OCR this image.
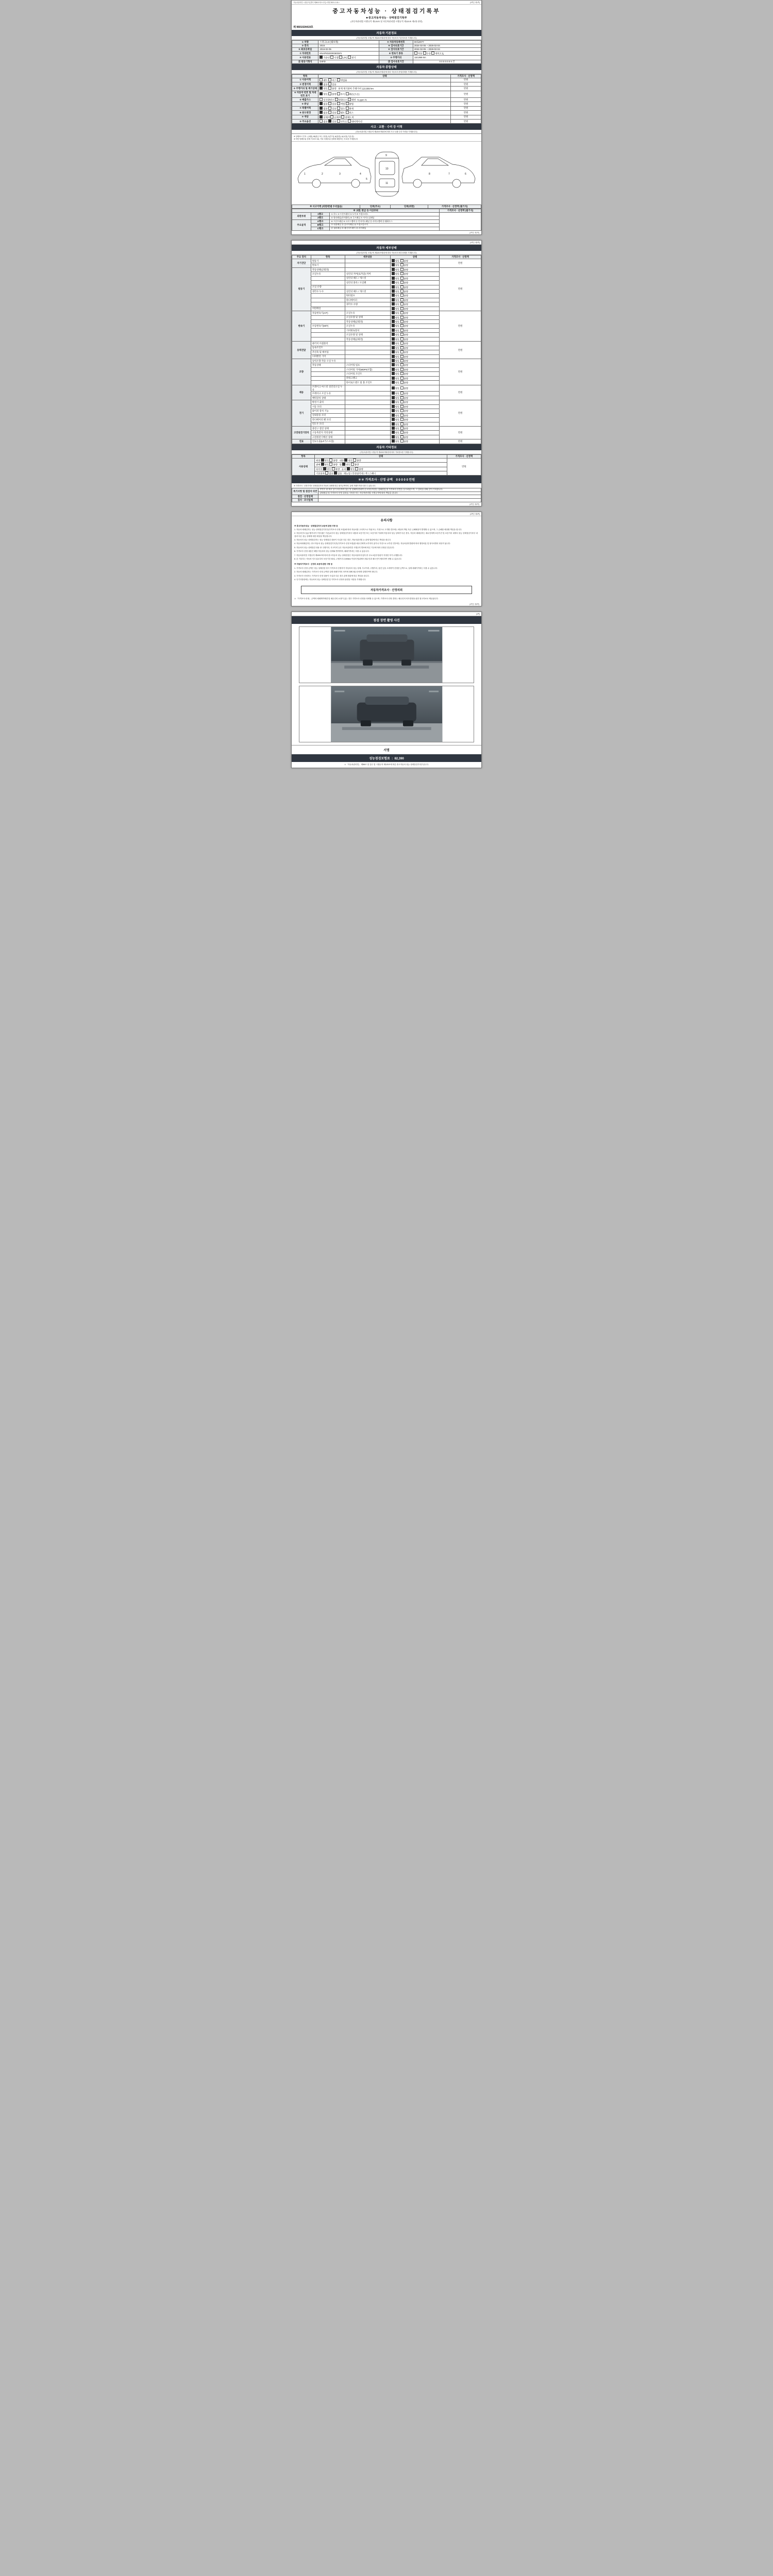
자동차관리법 시행규칙 [별지 제28호의3 서식] <개정 2021.1.15.>	(3쪽중 제1쪽)
중고자동차성능 · 상태점검기록부
■ 중고자동차성능 · 상태점검기록부
(자동차관리법 시행규칙 제120조 및 자동차관리법 시행규칙 제120조 제1항 관련)
제 9601024419호
자동차 기본정보
(자동차관리법 시행규칙 제120조제1항에 따라 자동차의 기본정보를 기재합니다)
① 차명	스파크1.0 (쉐보레)	② 자동차등록번호	00로0077
③ 연식	2016	④ 검사유효기간	2024-02-05 ~ 2026-02-04
⑤ 최초등록일	2016-02-05	⑥ 검사유효기간	2024-02-05 ~ 2026-02-04
⑦ 차대번호	KNAPK5SG9G6034/1	⑧ 변속기 종류	자동 수동 세미오토
⑨ 사용연료	가솔린 디젤 LPG 전기	⑩ 주행거리	110,899 km
⑪ 원동기형식	D4FD	⑬ 검사유효기간	0 0 0 0 0 0 0 건
자동차 종합상태
(자동차관리법 시행규칙 제120조제1항에 따라 자동차의 종합상태를 기재합니다)
항목	상태	가격조사 · 산정액
① 사용이력	렌트 리스 영업용	만원
② 변경이력	없음 있음	만원
③ 주행거리 및 계기상태	양호 불량 현재 계기판의 주행거리 110,899 km	만원
④ 자동차 번호 및 차대번호 표기	양호 불량 부식 훼손(오손)	만원
⑤ 배출가스	일산화탄소 탄화수소 매연 % ppm %	만원
⑥ 튜닝	없음 있음 적법 불법	만원
⑦ 특별이력	없음 있음 침수 화재	만원
⑧ 용도변경	없음 있음 렌트 리스	만원
⑨ 색상	무채색 유채색 전체도색	만원
⑩ 주요옵션	없음 있음 선루프 내비게이션	만원
사고 · 교환 · 수리 등 이력
(자동차관리법 시행규칙 제120조제1항에 따라 사고·교환·수리 이력을 기재합니다)
※ 상태표시 부호 : (교환), W(판금 또는 용접), C(부식), A(흠집), U(요철), T(손상)
※ 하단 당해부위 상태 기호표시와, 기타 차체부위 상태에 해당하는 부호를 기재합니다
1	2	3	4
5
10
11
9
6
7
8
※ 사고이력 (외판/판넬 수리없음)	단위(주요)	단위(외판)	가격조사 · 산정액 (필기식)
※ 교환, 판금 등 이상부위			가격조사 · 산정액 (필기식)
외판부위	1랭크	① 후드 ② 프론트휀더 ③ 도어 ④ 트렁크리드	
	2랭크	⑤ 쿼터패널(리어휀더) ⑥ 루프패널 ⑦ 사이드실패널	
주요골격	A랭크	⑧ 프론트패널 ⑨ 크로스멤버 ⑪ 인사이드패널 ⑫ 사이드멤버 ⑬ 휠하우스	
	B랭크	⑭ 대쉬패널 ⑮ 플로어패널 ⑯ 트렁크플로어	
	C랭크	⑰ 필러패널 ⑱ 패키지트레이 ⑲ 리어패널	
(3쪽중 제1쪽)

(3쪽중 제2쪽)
자동차 세부상태
(자동차관리법 시행규칙 제120조제1항에 따라 자동차의 세부상태를 기재합니다)
주요 장치	항목	세부내용	상태	가격조사 · 산정액
자기진단	원동기		양호 불량	만원
	변속기		양호 불량	
원동기	작동상태(공회전)		양호 불량	만원
	오일누유	실린더 커버(로카암) 커버	양호 불량	
		실린더 헤드 / 개스킷	양호 불량	
		실린더 블록 / 오일팬	양호 불량	
	오일 유량		양호 불량	
	냉각수 누수	실린더 헤드 / 개스킷	양호 불량	
		워터펌프	양호 불량	
		라디에이터	양호 불량	
		냉각수 수량	양호 불량	
	커먼레일		양호 불량	
변속기	자동변속기(A/T)	오일누유	양호 불량	만원
		오일유량 및 상태	양호 불량	
		작동상태(공회전)	양호 불량	
	수동변속기(M/T)	오일누유	양호 불량	
		기어변속장치	양호 불량	
		오일유량 및 상태	양호 불량	
		작동상태(공회전)	양호 불량	
동력전달	클러치 어셈블리		양호 불량	만원
	등속조인트		양호 불량	
	추진축 및 베어링		양호 불량	
	디퍼렌셜 기어		양호 불량	
조향	동력조향 작동 오일 누유		양호 불량	만원
	작동상태	스티어링 펌프	양호 불량	
		스티어링 기어(MDPS포함)	양호 불량	
		스티어링 조인트	양호 불량	
		파워크랭크	양호 불량	
		타이로드엔드 및 볼 조인트	양호 불량	
제동	브레이크 마스터 실린더오일 누유		양호 불량	만원
	브레이크 오일 누유		양호 불량	
	배력장치 상태		양호 불량	
전기	발전기 출력		양호 불량	만원
	시동 모터		양호 불량	
	와이퍼 장치 기능		양호 불량	
	실내송풍 모터		양호 불량	
	라디에이터 팬 모터		양호 불량	
	윈도우 모터		양호 불량	
고전원전기장치	충전구 절연 상태		양호 불량	만원
	구동축전지 격리상태		양호 불량	
	고전원전기배선 상태		양호 불량	
연료	연료누출(LP가스포함)		양호 불량	만원
자동차 기타정보
(자동차관리법 시행규칙 제120조제1항에 따라 기타정보를 기재합니다)
항목	상태	가격조사 · 산정액
사용상태	외장 양호 불량 내장 양호 불량	만원
	광택 양호 불량 휠 양호 불량	
	타이어 양호 불량 유리 양호 불량	
	기본품목 없음 있음 매뉴얼 / 안전삼각대 / 잭 / 스패너	
＊＊ 가격조사 · 산정 금액 0 0 0 0 0 만원
※ 가격조사 · 산정가격은 상태점검자의 자동차 상태에 따른 평가금액이며, 실제 거래가격과 다를 수 있습니다.
특기사항 및 점검자 의견	본인은 위 제시 상기 자동차의 성능 및 상태에 관하여 중고자동차성능·상태점검 및 가격조사·산정을 실시하였으며, 그 결과를 위와 같이 기록합니다.
	상태점검 및 가격조사·산정 결과를 기록한 자는 자동차관리법 시행규칙에 따라 책임을 집니다.
점검 · 산정업체	
검사 · 조사업체	
(3쪽중 제2쪽)

(3쪽중 제3쪽)
유의사항

※ 중고자동차성능 · 상태점검자의 보증에 관한 사항 등

1. 자동차 매매업자는 성능·상태점검기록부(가격조사·산정 포함)에 따라 자동차를 고의적으로 허위 또는 거짓으로 고지할 경우에는 배상의 책임 혹은 손해배상이 발생할 수 있으며, 그 손해를 배상할 책임을 집니다.

2. 자동차인도일(주행거리가 가장 짧은 기준)로부터 성능·상태점검기록부 내용과 보증기간 또는 보증거리 이내에 자동차의 성능·상태가 다른 경우, 자동차 매매업자는 매수인에게 보증기간 및 보증거리 내에서 성능·상태점검기록부 내용과 다른 성능·상태에 대한 배상을 책임집니다.

3. 자동차의 성능·상태점검자는 성능·상태점검 내용이 사실과 다른 경우, 자동차관리법 등 관계 법령에 따른 책임을 집니다.

4. 자동차매매업자는 중고자동차 성능·상태점검기록부(가격조사·산정 포함)를 매수인에게 교부하지 않거나 거짓으로 교부한 경우에는 자동차관리법령에 따라 행정처분 및 형사처벌의 대상이 됩니다.

5. 자동차의 성능·상태점검 내용 중 주행거리, 사고이력 등은 자동차관리법 시행규칙 별표에 따른 기준에 따라 산정된 것입니다.

6. 가격조사·산정 내용은 해당 자동차의 성능·상태와 별개이며, 매매가격과는 다를 수 있습니다.

7. 자동차관리법 시행규칙 제120조에 따라 중고자동차 성능·상태점검은 자동차관리사업자 중 국토교통부장관이 지정한 자가 수행합니다.

8. 본 기록부는 자동차 인도일로부터 보증기간 30일, 주행거리 2,000km 이상의 범위에서 매수인과 매도인이 협의하여 정할 수 있습니다.

※ 자동차가격조사 · 산정의 보증에 관한 사항 등

1. 가격조사·산정 금액은 성능·상태점검 당시 가격조사·산정자가 자동차의 성능·상태, 사고이력, 주행거리, 옵션 등을 고려하여 산정한 금액으로, 실제 매매가격과는 다를 수 있습니다.

2. 자동차 매매업자는 가격조사·산정 금액과 실제 매매가격의 차이에 대해 매수인에게 설명하여야 합니다.

3. 가격조사·산정자는 가격조사·산정 내용이 사실과 다른 경우 관계 법령에 따른 책임을 집니다.

4. 특기사항란에는 자동차의 성능·상태점검 및 가격조사·산정과 관련된 사항을 기재합니다.

자동차가격조사 · 산정의뢰
＊「가격조사·산정」금액의 매매계약체결 및 매수인의 요청이 있는 경우 가격조사·산정을 의뢰할 수 있으며, 가격조사·산정 결과는 매수인의 의사결정을 위한 참고자료로 제공됩니다.
(3쪽중 제3쪽)

(4쪽)
점검 장면 촬영 사진
서명
성능점검보험료  :  82,390
＊「자동차관리법」 제58조 및 같은 법 시행규칙 제120조에 따른 중고자동차 성능·상태점검기록부입니다.
